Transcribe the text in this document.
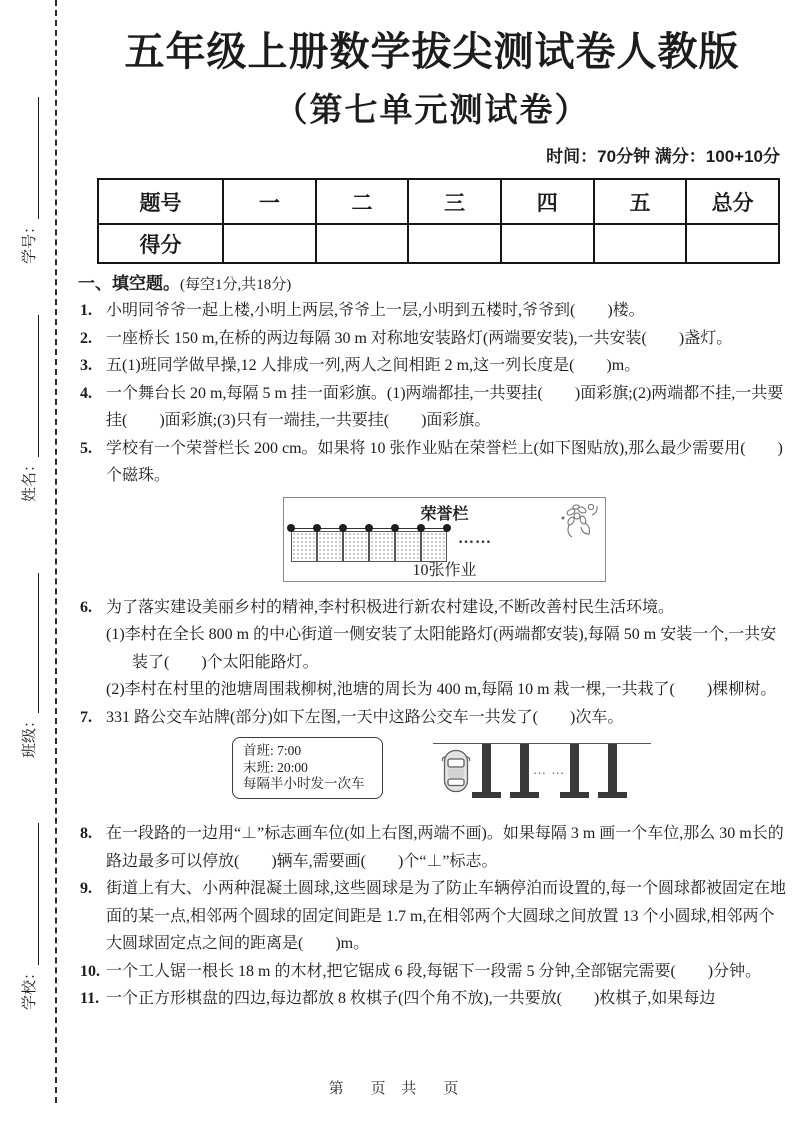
学号：
姓名：
班级：
学校：
五年级上册数学拔尖测试卷人教版
（第七单元测试卷）
时间：70分钟 满分：100+10分
题号	一	二	三	四	五	总分
得分						
一、填空题。(每空1分,共18分)
1. 小明同爷爷一起上楼,小明上两层,爷爷上一层,小明到五楼时,爷爷到(　　)楼。
2. 一座桥长 150 m,在桥的两边每隔 30 m 对称地安装路灯(两端要安装),一共安装(　　)盏灯。
3. 五(1)班同学做早操,12 人排成一列,两人之间相距 2 m,这一列长度是(　　)m。
4. 一个舞台长 20 m,每隔 5 m 挂一面彩旗。(1)两端都挂,一共要挂(　　)面彩旗;(2)两端都不挂,一共要挂(　　)面彩旗;(3)只有一端挂,一共要挂(　　)面彩旗。
5. 学校有一个荣誉栏长 200 cm。如果将 10 张作业贴在荣誉栏上(如下图贴放),那么最少需要用(　　)个磁珠。
荣誉栏
……
10张作业
6. 为了落实建设美丽乡村的精神,李村积极进行新农村建设,不断改善村民生活环境。
(1)李村在全长 800 m 的中心街道一侧安装了太阳能路灯(两端都安装),每隔 50 m 安装一个,一共安装了(　　)个太阳能路灯。
(2)李村在村里的池塘周围栽柳树,池塘的周长为 400 m,每隔 10 m 栽一棵,一共栽了(　　)棵柳树。
7. 331 路公交车站牌(部分)如下左图,一天中这路公交车一共发了(　　)次车。
首班: 7:00
末班: 20:00
每隔半小时发一次车
… …
8. 在一段路的一边用“⊥”标志画车位(如上右图,两端不画)。如果每隔 3 m 画一个车位,那么 30 m长的路边最多可以停放(　　)辆车,需要画(　　)个“⊥”标志。
9. 街道上有大、小两种混凝土圆球,这些圆球是为了防止车辆停泊而设置的,每一个圆球都被固定在地面的某一点,相邻两个圆球的固定间距是 1.7 m,在相邻两个大圆球之间放置 13 个小圆球,相邻两个大圆球固定点之间的距离是(　　)m。
10. 一个工人锯一根长 18 m 的木材,把它锯成 6 段,每锯下一段需 5 分钟,全部锯完需要(　　)分钟。
11. 一个正方形棋盘的四边,每边都放 8 枚棋子(四个角不放),一共要放(　　)枚棋子,如果每边
第　页 共　页
